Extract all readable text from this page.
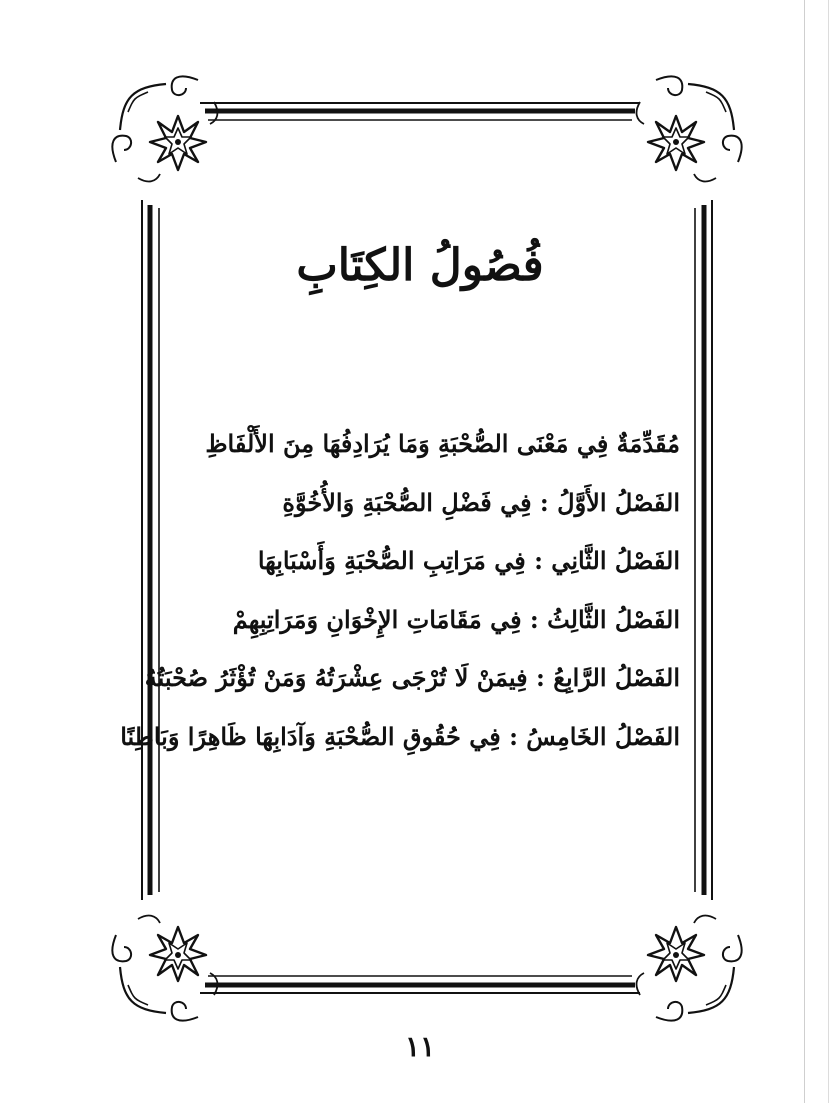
فُصُولُ الكِتَابِ
مُقَدِّمَةٌ فِي مَعْنَى الصُّحْبَةِ وَمَا يُرَادِفُهَا مِنَ الأَلْفَاظِ
الفَصْلُ الأَوَّلُ : فِي فَضْلِ الصُّحْبَةِ وَالأُخُوَّةِ
الفَصْلُ الثَّانِي : فِي مَرَاتِبِ الصُّحْبَةِ وَأَسْبَابِهَا
الفَصْلُ الثَّالِثُ : فِي مَقَامَاتِ الإِخْوَانِ وَمَرَاتِبِهِمْ
الفَصْلُ الرَّابِعُ : فِيمَنْ لَا تُرْجَى عِشْرَتُهُ وَمَنْ تُؤْثَرُ صُحْبَتُهُ
الفَصْلُ الخَامِسُ : فِي حُقُوقِ الصُّحْبَةِ وَآدَابِهَا ظَاهِرًا وَبَاطِنًا
١١
